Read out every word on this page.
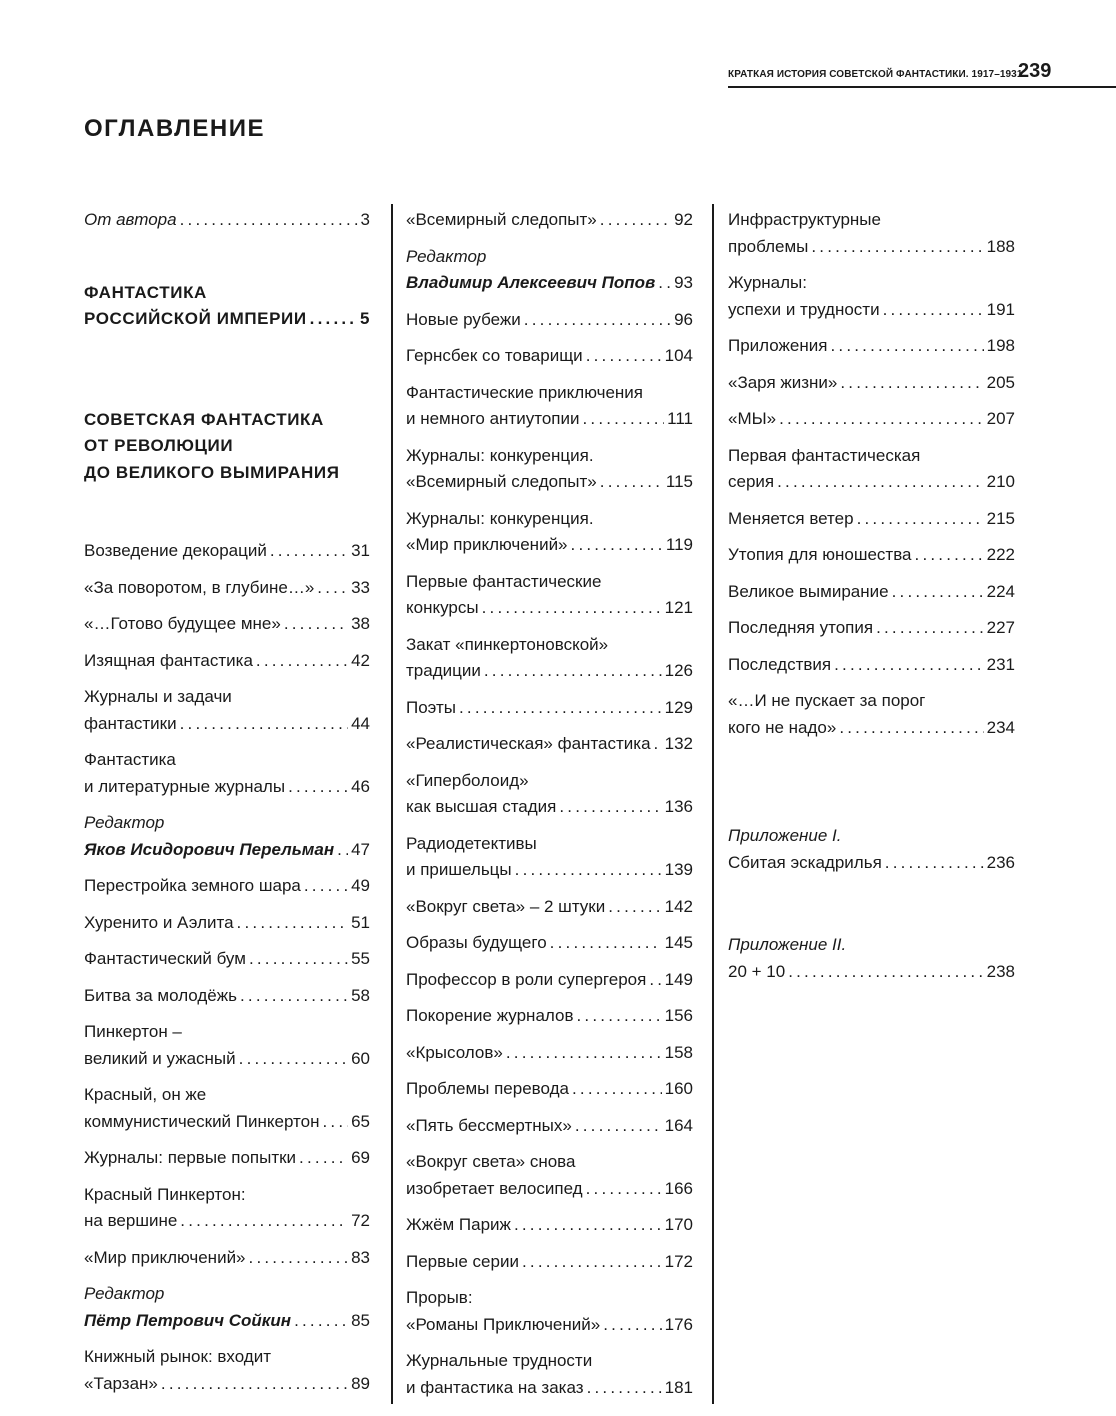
КРАТКАЯ ИСТОРИЯ СОВЕТСКОЙ ФАНТАСТИКИ. 1917–1931
239
ОГЛАВЛЕНИЕ
От автора .....	3
ФАНТАСТИКА
РОССИЙСКОЙ ИМПЕРИИ .....	5
СОВЕТСКАЯ ФАНТАСТИКА
ОТ РЕВОЛЮЦИИ
ДО ВЕЛИКОГО ВЫМИРАНИЯ
Возведение декораций .....	31
«За поворотом, в глубине…» ..... 33
«…Готово будущее мне» .....	38
Изящная фантастика .....	42
Журналы и задачи
фантастики .....	44
Фантастика
и литературные журналы .....	46
Редактор
Яков Исидорович Перельман ..... 47
Перестройка земного шара .....	49
Хуренито и Аэлита .....	51
Фантастический бум .....	55
Битва за молодёжь .....	58
Пинкертон –
великий и ужасный .....	60
Красный, он же
коммунистический Пинкертон ..... 65
Журналы: первые попытки .....	69
Красный Пинкертон:
на вершине .....	72
«Мир приключений» .....	83
Редактор
Пётр Петрович Сойкин .....	85
Книжный рынок: входит
«Тарзан» .....	89
«Всемирный следопыт» .....	92
Редактор
Владимир Алексеевич Попов ..... 93
Новые рубежи .....	96
Гернсбек со товарищи .....	104
Фантастические приключения
и немного антиутопии .....	111
Журналы: конкуренция.
«Всемирный следопыт» .....	115
Журналы: конкуренция.
«Мир приключений» .....	119
Первые фантастические
конкурсы .....	121
Закат «пинкертоновской»
традиции .....	126
Поэты .....	129
«Реалистическая» фантастика ..... 132
«Гиперболоид»
как высшая стадия .....	136
Радиодетективы
и пришельцы .....	139
«Вокруг света» – 2 штуки .....	142
Образы будущего .....	145
Профессор в роли супергероя ..... 149
Покорение журналов .....	156
«Крысолов» .....	158
Проблемы перевода .....	160
«Пять бессмертных» .....	164
«Вокруг света» снова
изобретает велосипед .....	166
Жжём Париж .....	170
Первые серии .....	172
Прорыв:
«Романы Приключений» .....	176
Журнальные трудности
и фантастика на заказ .....	181
Инфраструктурные
проблемы .....	188
Журналы:
успехи и трудности .....	191
Приложения .....	198
«Заря жизни» .....	205
«МЫ» .....	207
Первая фантастическая
серия .....	210
Меняется ветер .....	215
Утопия для юношества .....	222
Великое вымирание .....	224
Последняя утопия .....	227
Последствия .....	231
«…И не пускает за порог
кого не надо» .....	234
Приложение I.
Сбитая эскадрилья .....	236
Приложение II.
20 + 10 .....	238
